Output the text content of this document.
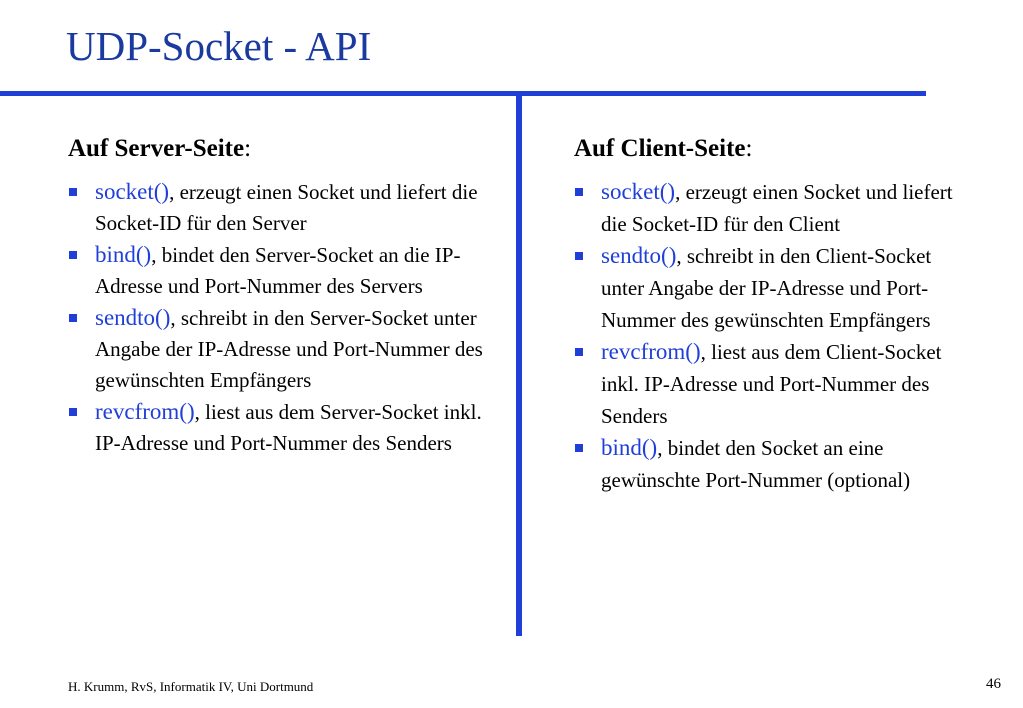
UDP-Socket - API
Auf Server-Seite:
socket(), erzeugt einen Socket und liefert die Socket-ID für den Server
bind(), bindet den Server-Socket an die IP-Adresse und Port-Nummer des Servers
sendto(), schreibt in den Server-Socket unter Angabe der IP-Adresse und Port-Nummer des gewünschten Empfängers
revcfrom(), liest aus dem Server-Socket inkl. IP-Adresse und Port-Nummer des Senders
Auf Client-Seite:
socket(), erzeugt einen Socket und liefert die Socket-ID für den Client
sendto(), schreibt in den Client-Socket unter Angabe der IP-Adresse und Port-Nummer des gewünschten Empfängers
revcfrom(), liest aus dem Client-Socket inkl. IP-Adresse und Port-Nummer des Senders
bind(), bindet den Socket an eine gewünschte Port-Nummer (optional)
H. Krumm, RvS, Informatik IV, Uni Dortmund	46
